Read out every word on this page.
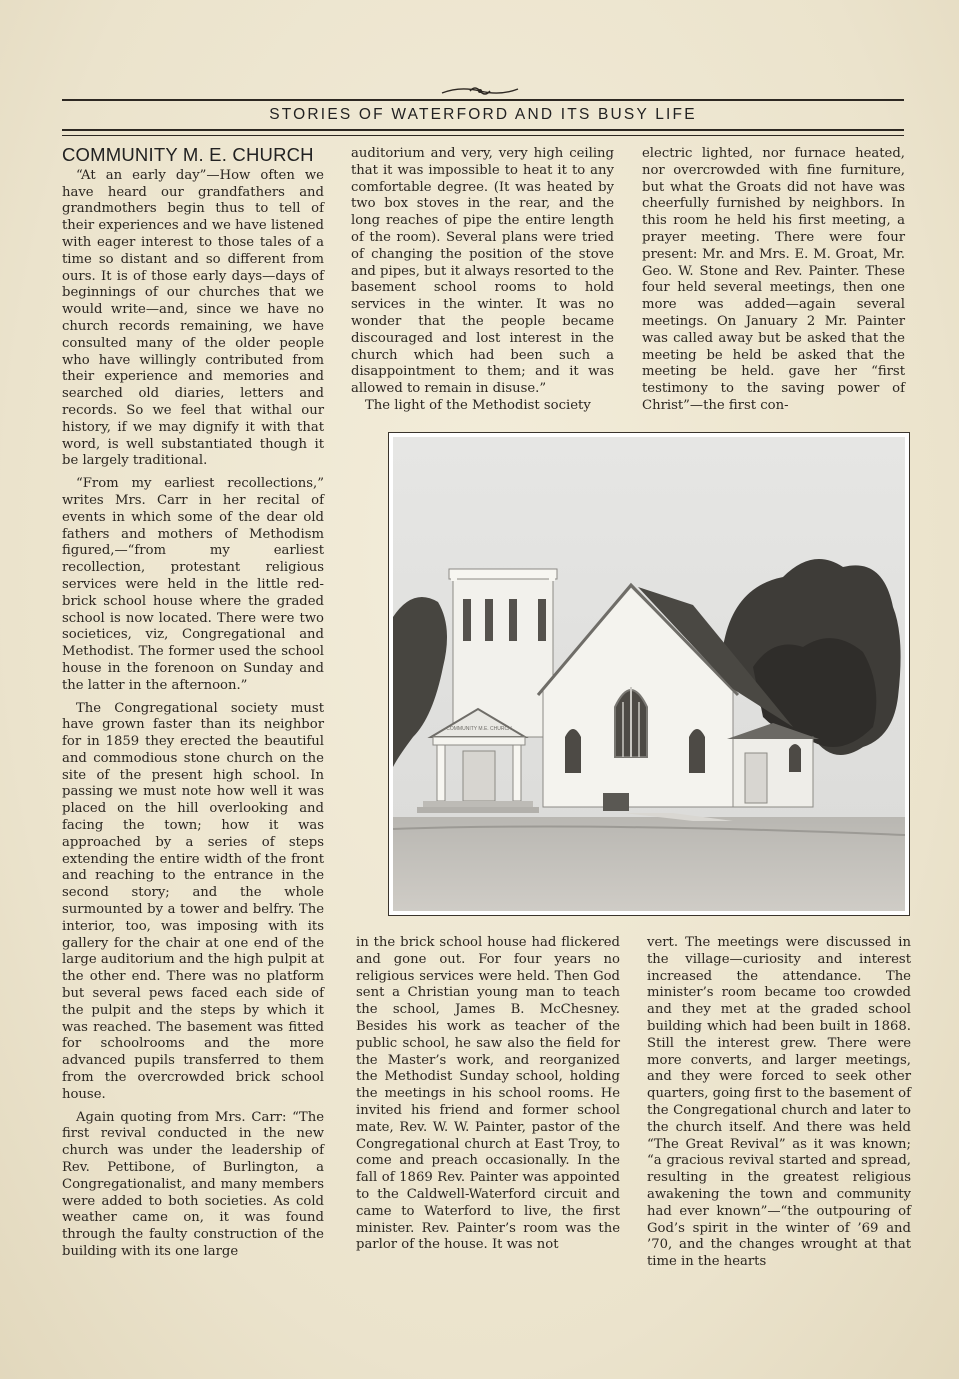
STORIES OF WATERFORD AND ITS BUSY LIFE
COMMUNITY M. E. CHURCH

“At an early day”—How often we have heard our grandfathers and grandmothers begin thus to tell of their experiences and we have listened with eager interest to those tales of a time so distant and so different from ours. It is of those early days—days of beginnings of our churches that we would write—and, since we have no church records remaining, we have consulted many of the older people who have willingly contributed from their experience and memories and searched old diaries, letters and records. So we feel that withal our history, if we may dignify it with that word, is well substantiated though it be largely traditional.

“From my earliest recollections,” writes Mrs. Carr in her recital of events in which some of the dear old fathers and mothers of Methodism figured,—“from my earliest recollection, protestant religious services were held in the little red-brick school house where the graded school is now located. There were two societices, viz, Congregational and Methodist. The former used the school house in the forenoon on Sunday and the latter in the afternoon.”

The Congregational society must have grown faster than its neighbor for in 1859 they erected the beautiful and commodious stone church on the site of the present high school. In passing we must note how well it was placed on the hill overlooking and facing the town; how it was approached by a series of steps extending the entire width of the front and reaching to the entrance in the second story; and the whole surmounted by a tower and belfry. The interior, too, was imposing with its gallery for the chair at one end of the large auditorium and the high pulpit at the other end. There was no platform but several pews faced each side of the pulpit and the steps by which it was reached. The basement was fitted for schoolrooms and the more advanced pupils transferred to them from the overcrowded brick school house.

Again quoting from Mrs. Carr: “The first revival conducted in the new church was under the leadership of Rev. Pettibone, of Burlington, a Congregationalist, and many members were added to both societies. As cold weather came on, it was found through the faulty construction of the building with its one large

auditorium and very, very high ceiling that it was impossible to heat it to any comfortable degree. (It was heated by two box stoves in the rear, and the long reaches of pipe the entire length of the room). Several plans were tried of changing the position of the stove and pipes, but it always resorted to the basement school rooms to hold services in the winter. It was no wonder that the people became discouraged and lost interest in the church which had been such a disappointment to them; and it was allowed to remain in disuse.”

The light of the Methodist society

electric lighted, nor furnace heated, nor overcrowded with fine furniture, but what the Groats did not have was cheerfully furnished by neighbors. In this room he held his first meeting, a prayer meeting. There were four present: Mr. and Mrs. E. M. Groat, Mr. Geo. W. Stone and Rev. Painter. These four held several meetings, then one more was added—again several meetings. On January 2 Mr. Painter was called away but be asked that the meeting be held be asked that the meeting be held. gave her “first testimony to the saving power of Christ”—the first con-

COMMUNITY M.E. CHURCH

in the brick school house had flickered and gone out. For four years no religious services were held. Then God sent a Christian young man to teach the school, James B. McChesney. Besides his work as teacher of the public school, he saw also the field for the Master’s work, and reorganized the Methodist Sunday school, holding the meetings in his school rooms. He invited his friend and former school mate, Rev. W. W. Painter, pastor of the Congregational church at East Troy, to come and preach occasionally. In the fall of 1869 Rev. Painter was appointed to the Caldwell-Waterford circuit and came to Waterford to live, the first minister. Rev. Painter’s room was the parlor of the house. It was not

vert. The meetings were discussed in the village—curiosity and interest increased the attendance. The minister’s room became too crowded and they met at the graded school building which had been built in 1868. Still the interest grew. There were more converts, and larger meetings, and they were forced to seek other quarters, going first to the basement of the Congregational church and later to the church itself. And there was held “The Great Revival” as it was known; “a gracious revival started and spread, resulting in the greatest religious awakening the town and community had ever known”—“the outpouring of God’s spirit in the winter of ’69 and ’70, and the changes wrought at that time in the hearts
